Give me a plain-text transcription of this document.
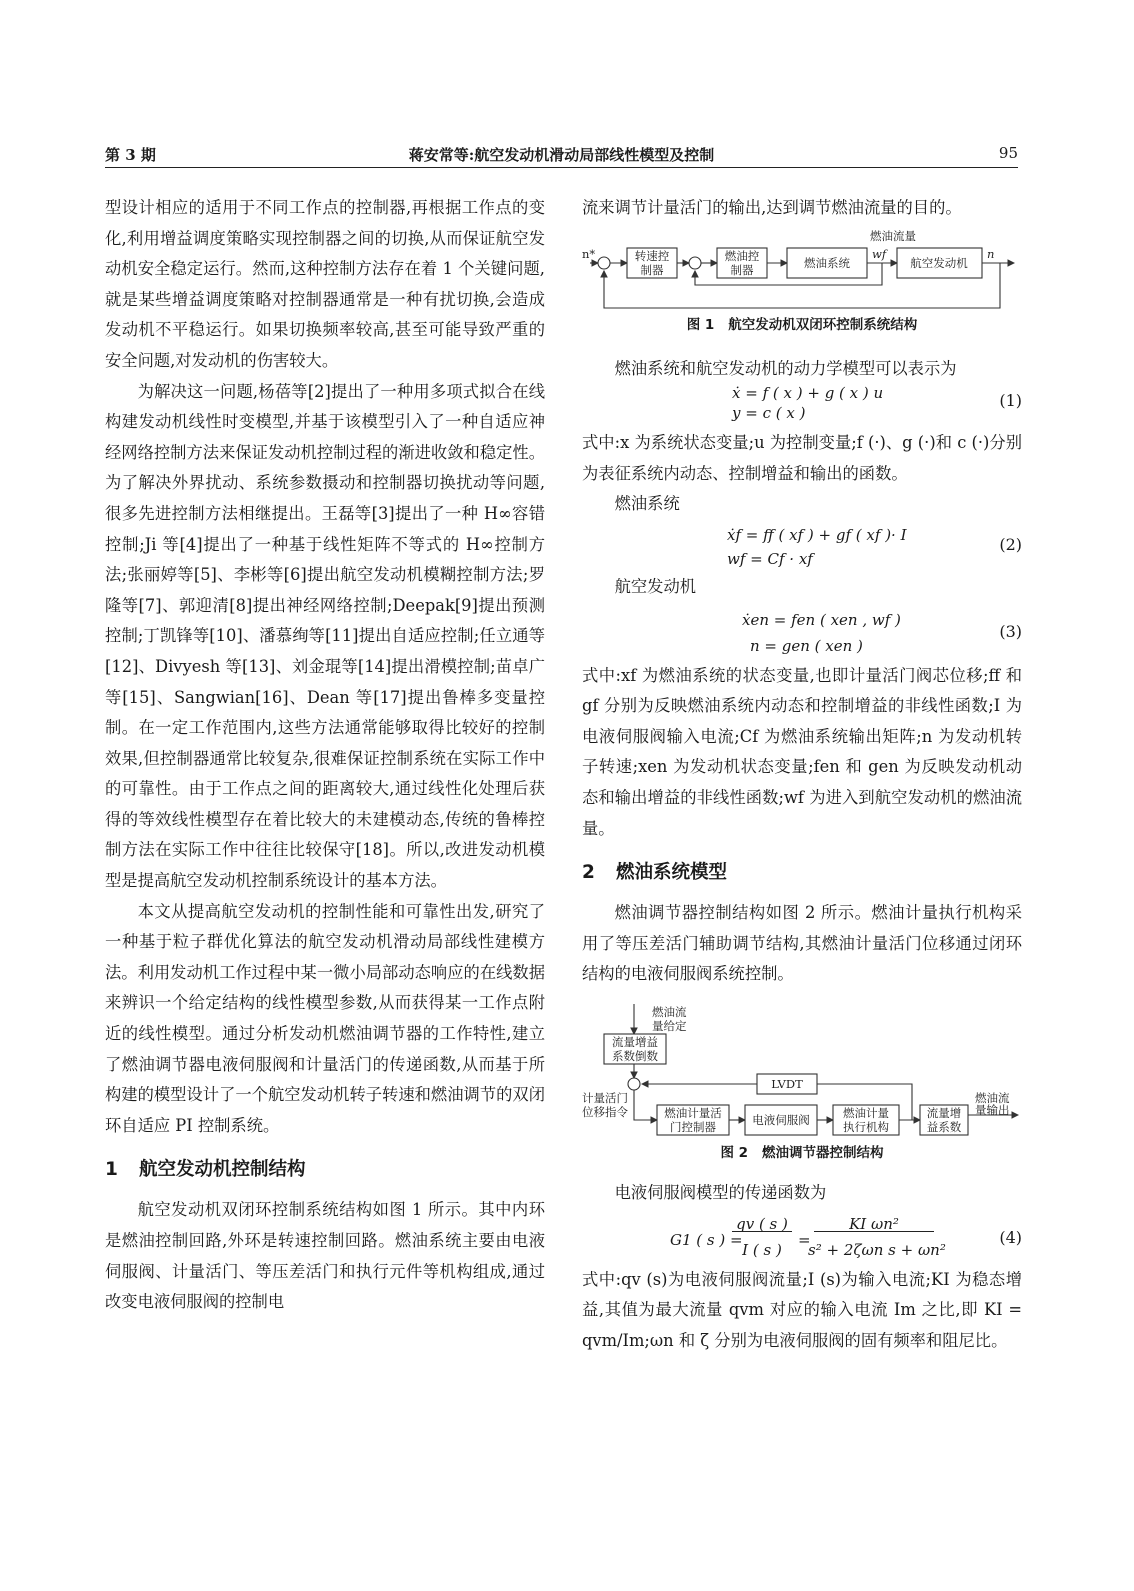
第 3 期	蒋安常等:航空发动机滑动局部线性模型及控制	95

型设计相应的适用于不同工作点的控制器,再根据工作点的变化,利用增益调度策略实现控制器之间的切换,从而保证航空发动机安全稳定运行。然而,这种控制方法存在着 1 个关键问题,就是某些增益调度策略对控制器通常是一种有扰切换,会造成发动机不平稳运行。如果切换频率较高,甚至可能导致严重的安全问题,对发动机的伤害较大。

为解决这一问题,杨蓓等[2]提出了一种用多项式拟合在线构建发动机线性时变模型,并基于该模型引入了一种自适应神经网络控制方法来保证发动机控制过程的渐进收敛和稳定性。为了解决外界扰动、系统参数摄动和控制器切换扰动等问题,很多先进控制方法相继提出。王磊等[3]提出了一种 H∞容错控制;Ji 等[4]提出了一种基于线性矩阵不等式的 H∞控制方法;张丽婷等[5]、李彬等[6]提出航空发动机模糊控制方法;罗隆等[7]、郭迎清[8]提出神经网络控制;Deepak[9]提出预测控制;丁凯锋等[10]、潘慕绚等[11]提出自适应控制;任立通等[12]、Divyesh 等[13]、刘金琨等[14]提出滑模控制;苗卓广等[15]、Sangwian[16]、Dean 等[17]提出鲁棒多变量控制。在一定工作范围内,这些方法通常能够取得比较好的控制效果,但控制器通常比较复杂,很难保证控制系统在实际工作中的可靠性。由于工作点之间的距离较大,通过线性化处理后获得的等效线性模型存在着比较大的未建模动态,传统的鲁棒控制方法在实际工作中往往比较保守[18]。所以,改进发动机模型是提高航空发动机控制系统设计的基本方法。

本文从提高航空发动机的控制性能和可靠性出发,研究了一种基于粒子群优化算法的航空发动机滑动局部线性建模方法。利用发动机工作过程中某一微小局部动态响应的在线数据来辨识一个给定结构的线性模型参数,从而获得某一工作点附近的线性模型。通过分析发动机燃油调节器的工作特性,建立了燃油调节器电液伺服阀和计量活门的传递函数,从而基于所构建的模型设计了一个航空发动机转子转速和燃油调节的双闭环自适应 PI 控制系统。

1 航空发动机控制结构

航空发动机双闭环控制系统结构如图 1 所示。其中内环是燃油控制回路,外环是转速控制回路。燃油系统主要由电液伺服阀、计量活门、等压差活门和执行元件等机构组成,通过改变电液伺服阀的控制电

流来调节计量活门的输出,达到调节燃油流量的目的。

n*	转速控
制器
燃油控
制器	燃油系统
燃油流量
wf
航空发动机
n
图 1 航空发动机双闭环控制系统结构

燃油系统和航空发动机的动力学模型可以表示为

ẋ = f ( x ) + g ( x ) u
y = c ( x )
(1)

式中:x 为系统状态变量;u 为控制变量;f (·)、g (·)和 c (·)分别为表征系统内动态、控制增益和输出的函数。

燃油系统

ẋf = ff ( xf ) + gf ( xf )· I
wf = Cf · xf
(2)

航空发动机

ẋen = fen ( xen , wf )
n = gen ( xen )
(3)

式中:xf 为燃油系统的状态变量,也即计量活门阀芯位移;ff 和 gf 分别为反映燃油系统内动态和控制增益的非线性函数;I 为电液伺服阀输入电流;Cf 为燃油系统输出矩阵;n 为发动机转子转速;xen 为发动机状态变量;fen 和 gen 为反映发动机动态和输出增益的非线性函数;wf 为进入到航空发动机的燃油流量。

2 燃油系统模型

燃油调节器控制结构如图 2 所示。燃油计量执行机构采用了等压差活门辅助调节结构,其燃油计量活门位移通过闭环结构的电液伺服阀系统控制。

燃油流
量给定
流量增益
系数倒数
LVDT
计量活门
位移指令	燃油计量活
门控制器	电液伺服阀	燃油计量
执行机构
流量增
益系数
燃油流
量输出
图 2 燃油调节器控制结构

电液伺服阀模型的传递函数为

G1 ( s ) =
qv ( s )
I ( s )
=
KI ωn²
s² + 2ζωn s + ωn²
(4)

式中:qv (s)为电液伺服阀流量;I (s)为输入电流;KI 为稳态增益,其值为最大流量 qvm 对应的输入电流 Im 之比,即 KI = qvm/Im;ωn 和 ζ 分别为电液伺服阀的固有频率和阻尼比。
